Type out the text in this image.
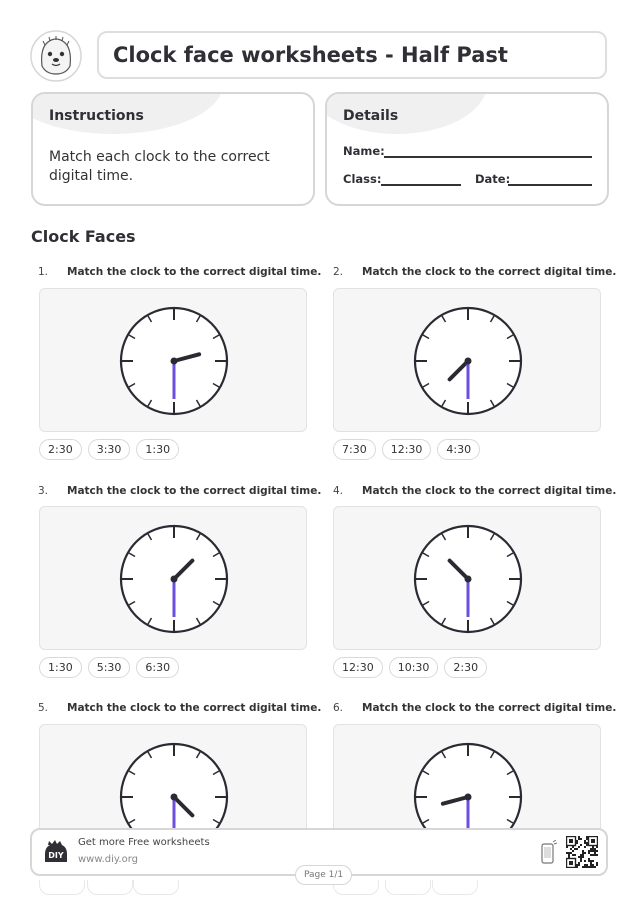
Clock face worksheets - Half Past
Instructions
Match each clock to the correct digital time.
Details
Name:
Class:	Date:
Clock Faces
1. Match the clock to the correct digital time.
2:30	3:30	1:30
2. Match the clock to the correct digital time.
7:30	12:30	4:30
3. Match the clock to the correct digital time.
1:30	5:30	6:30
4. Match the clock to the correct digital time.
12:30	10:30	2:30
5. Match the clock to the correct digital time. 6. Match the clock to the correct digital time.
DIY
Get more Free worksheets
www.diy.org
Page 1/1
